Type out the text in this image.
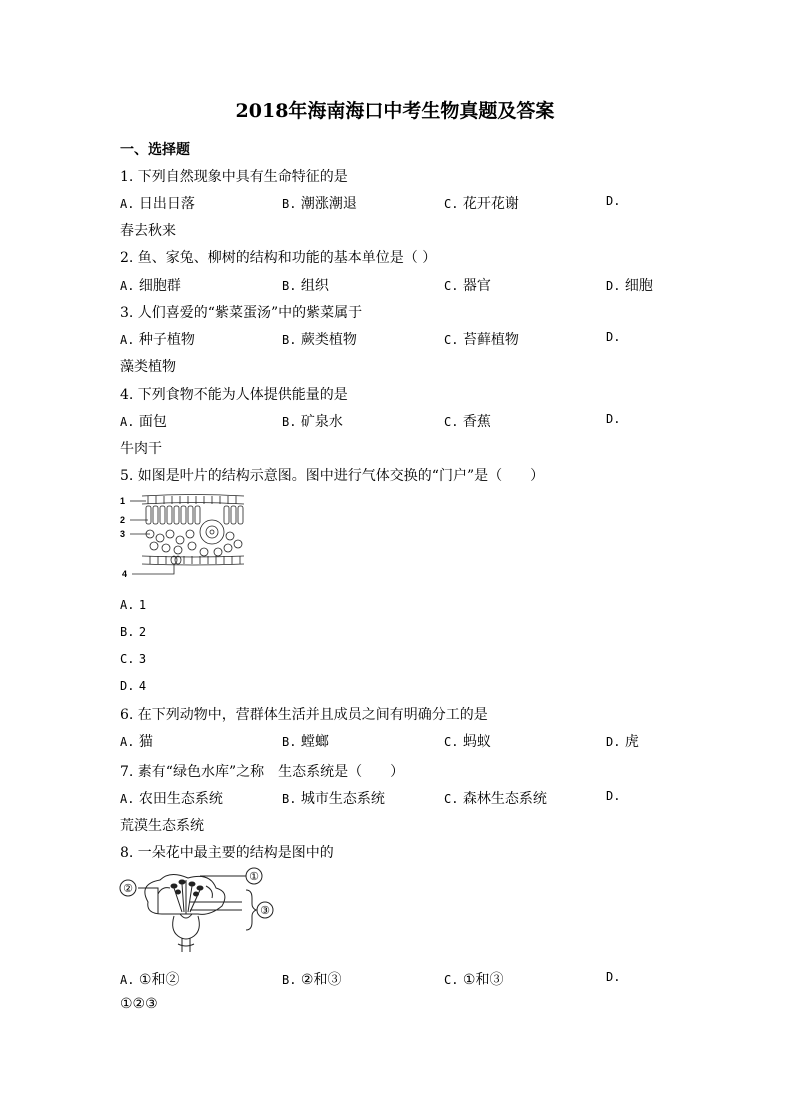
2018年海南海口中考生物真题及答案
一、选择题
1. 下列自然现象中具有生命特征的是
A. 日出日落	B. 潮涨潮退	C. 花开花谢	D.
春去秋来
2. 鱼、家兔、柳树的结构和功能的基本单位是（ ）
A. 细胞群	B. 组织	C. 器官	D. 细胞
3. 人们喜爱的“紫菜蛋汤”中的紫菜属于
A. 种子植物	B. 蕨类植物	C. 苔藓植物	D.
藻类植物
4. 下列食物不能为人体提供能量的是
A. 面包	B. 矿泉水	C. 香蕉	D.
牛肉干
5. 如图是叶片的结构示意图。图中进行气体交换的“门户”是（　　）
1
2
3
4
A. 1
B. 2
C. 3
D. 4
6. 在下列动物中，营群体生活并且成员之间有明确分工的是
A. 猫	B. 螳螂	C. 蚂蚁	D. 虎
7. 素有“绿色水库”之称　生态系统是（　　）
A. 农田生态系统	B. 城市生态系统	C. 森林生态系统	D.
荒漠生态系统
8. 一朵花中最主要的结构是图中的
②
①
③
A. ①和②	B. ②和③	C. ①和③	D.
①②③
